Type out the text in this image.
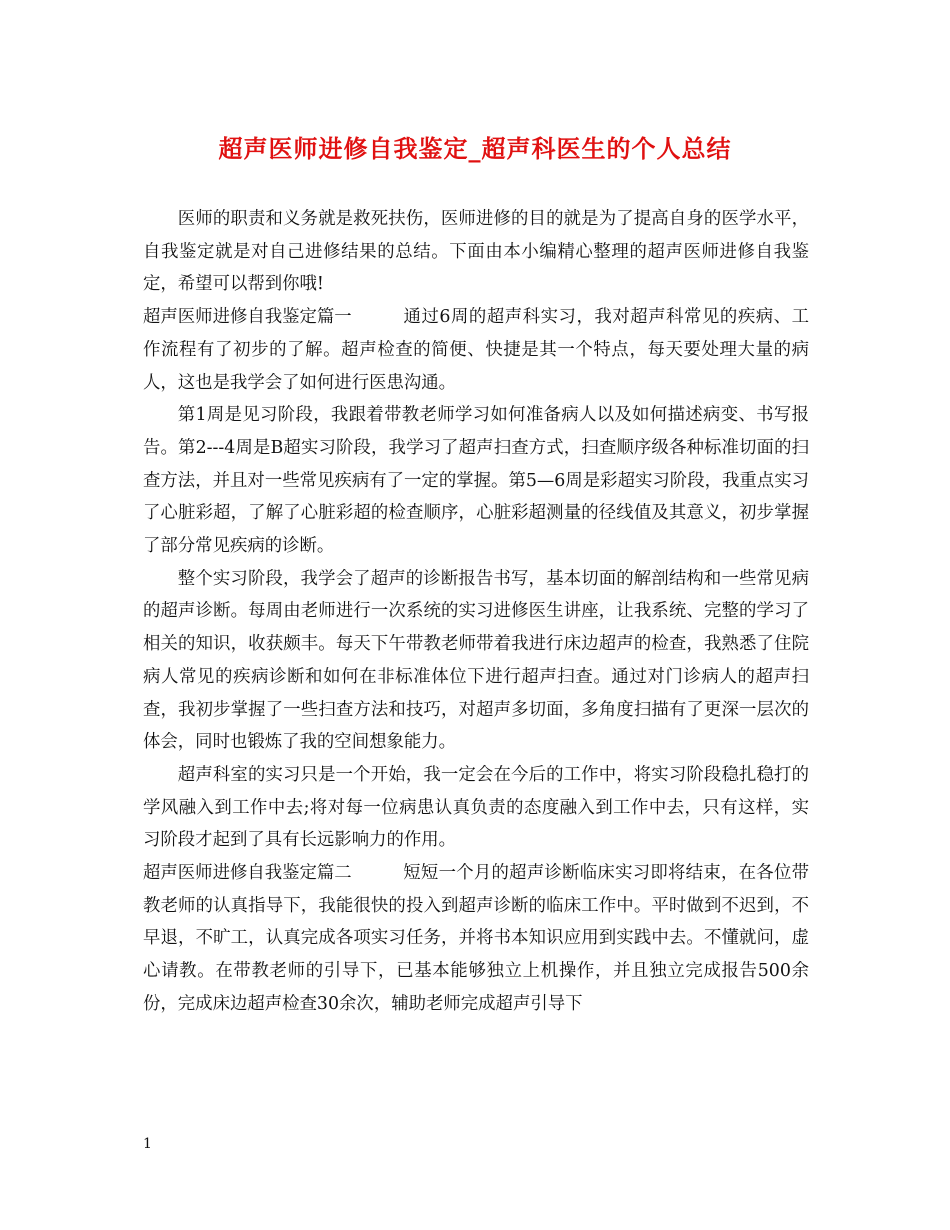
超声医师进修自我鉴定_超声科医生的个人总结

医师的职责和义务就是救死扶伤，医师进修的目的就是为了提高自身的医学水平，自我鉴定就是对自己进修结果的总结。下面由本小编精心整理的超声医师进修自我鉴定，希望可以帮到你哦!

超声医师进修自我鉴定篇一	通过6周的超声科实习，我对超声科常见的疾病、工作流程有了初步的了解。超声检查的简便、快捷是其一个特点，每天要处理大量的病人，这也是我学会了如何进行医患沟通。

第1周是见习阶段，我跟着带教老师学习如何准备病人以及如何描述病变、书写报告。第2---4周是B超实习阶段，我学习了超声扫查方式，扫查顺序级各种标准切面的扫查方法，并且对一些常见疾病有了一定的掌握。第5—6周是彩超实习阶段，我重点实习了心脏彩超，了解了心脏彩超的检查顺序，心脏彩超测量的径线值及其意义，初步掌握了部分常见疾病的诊断。

整个实习阶段，我学会了超声的诊断报告书写，基本切面的解剖结构和一些常见病的超声诊断。每周由老师进行一次系统的实习进修医生讲座，让我系统、完整的学习了相关的知识，收获颇丰。每天下午带教老师带着我进行床边超声的检查，我熟悉了住院病人常见的疾病诊断和如何在非标准体位下进行超声扫查。通过对门诊病人的超声扫查，我初步掌握了一些扫查方法和技巧，对超声多切面，多角度扫描有了更深一层次的体会，同时也锻炼了我的空间想象能力。

超声科室的实习只是一个开始，我一定会在今后的工作中，将实习阶段稳扎稳打的学风融入到工作中去;将对每一位病患认真负责的态度融入到工作中去，只有这样，实习阶段才起到了具有长远影响力的作用。

超声医师进修自我鉴定篇二	短短一个月的超声诊断临床实习即将结束，在各位带教老师的认真指导下，我能很快的投入到超声诊断的临床工作中。平时做到不迟到，不早退，不旷工，认真完成各项实习任务，并将书本知识应用到实践中去。不懂就问，虚心请教。在带教老师的引导下，已基本能够独立上机操作，并且独立完成报告500余份，完成床边超声检查30余次，辅助老师完成超声引导下

1
